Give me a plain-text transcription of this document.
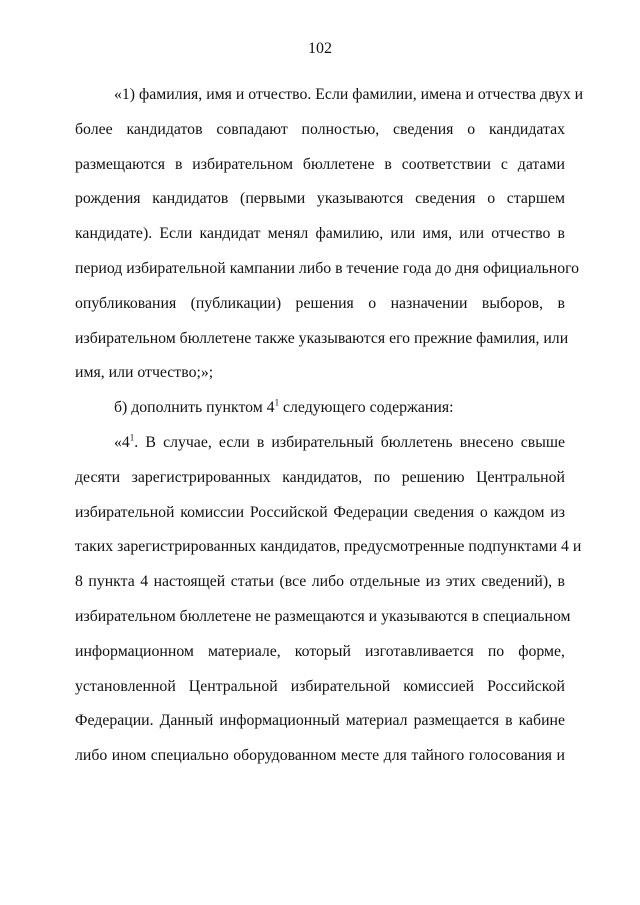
102
«1) фамилия, имя и отчество. Если фамилии, имена и отчества двух и
более кандидатов совпадают полностью, сведения о кандидатах
размещаются в избирательном бюллетене в соответствии с датами
рождения кандидатов (первыми указываются сведения о старшем
кандидате). Если кандидат менял фамилию, или имя, или отчество в
период избирательной кампании либо в течение года до дня официального
опубликования (публикации) решения о назначении выборов, в
избирательном бюллетене также указываются его прежние фамилия, или
имя, или отчество;»;
б) дополнить пунктом $4^1$ следующего содержания:
«$4^1$. В случае, если в избирательный бюллетень внесено свыше
десяти зарегистрированных кандидатов, по решению Центральной
избирательной комиссии Российской Федерации сведения о каждом из
таких зарегистрированных кандидатов, предусмотренные подпунктами 4 и
8 пункта 4 настоящей статьи (все либо отдельные из этих сведений), в
избирательном бюллетене не размещаются и указываются в специальном
информационном материале, который изготавливается по форме,
установленной Центральной избирательной комиссией Российской
Федерации. Данный информационный материал размещается в кабине
либо ином специально оборудованном месте для тайного голосования и
